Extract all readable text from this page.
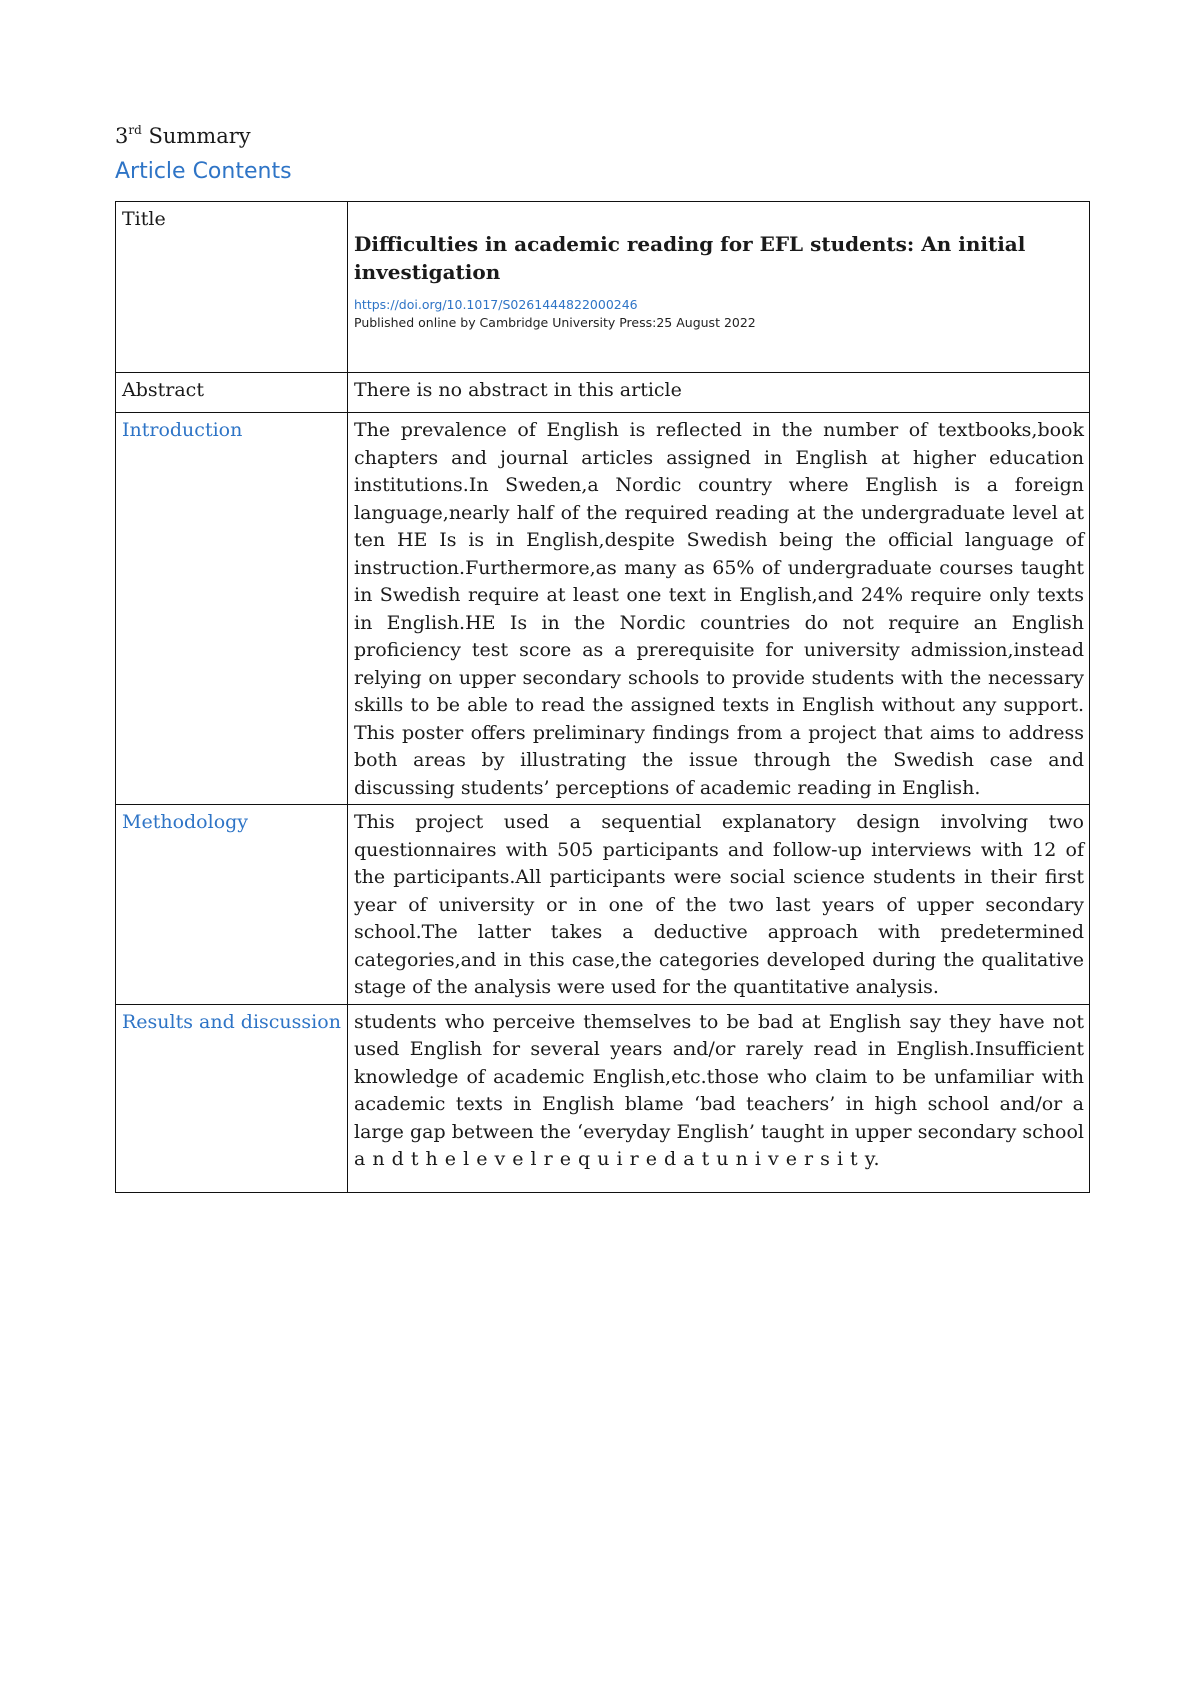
3rd Summary
Article Contents
Title	Difficulties in academic reading for EFL students: An initial investigation
https://doi.org/10.1017/S0261444822000246
Published online by Cambridge University Press:25 August 2022

Abstract	There is no abstract in this article
Introduction	The prevalence of English is reflected in the number of textbooks,book chapters and journal articles assigned in English at higher education institutions.In Sweden,a Nordic country where English is a foreign language,nearly half of the required reading at the undergraduate level at ten HE Is is in English,despite Swedish being the official language of instruction.Furthermore,as many as 65% of undergraduate courses taught in Swedish require at least one text in English,and 24% require only texts in English.HE Is in the Nordic countries do not require an English proficiency test score as a prerequisite for university admission,instead relying on upper secondary schools to provide students with the necessary skills to be able to read the assigned texts in English without any support. This poster offers preliminary findings from a project that aims to address both areas by illustrating the issue through the Swedish case and discussing students’ perceptions of academic reading in English.
Methodology	This project used a sequential explanatory design involving two questionnaires with 505 participants and follow-up interviews with 12 of the participants.All participants were social science students in their first year of university or in one of the two last years of upper secondary school.The latter takes a deductive approach with predetermined categories,and in this case,the categories developed during the qualitative stage of the analysis were used for the quantitative analysis.
Results and discussion	students who perceive themselves to be bad at English say they have not used English for several years and/or rarely read in English.Insufficient knowledge of academic English,etc.those who claim to be unfamiliar with academic texts in English blame ‘bad teachers’ in high school and/or a large gap between the ‘everyday English’ taught in upper secondary school a n d t h e l e v e l r e q u i r e d a t u n i v e r s i t y.
